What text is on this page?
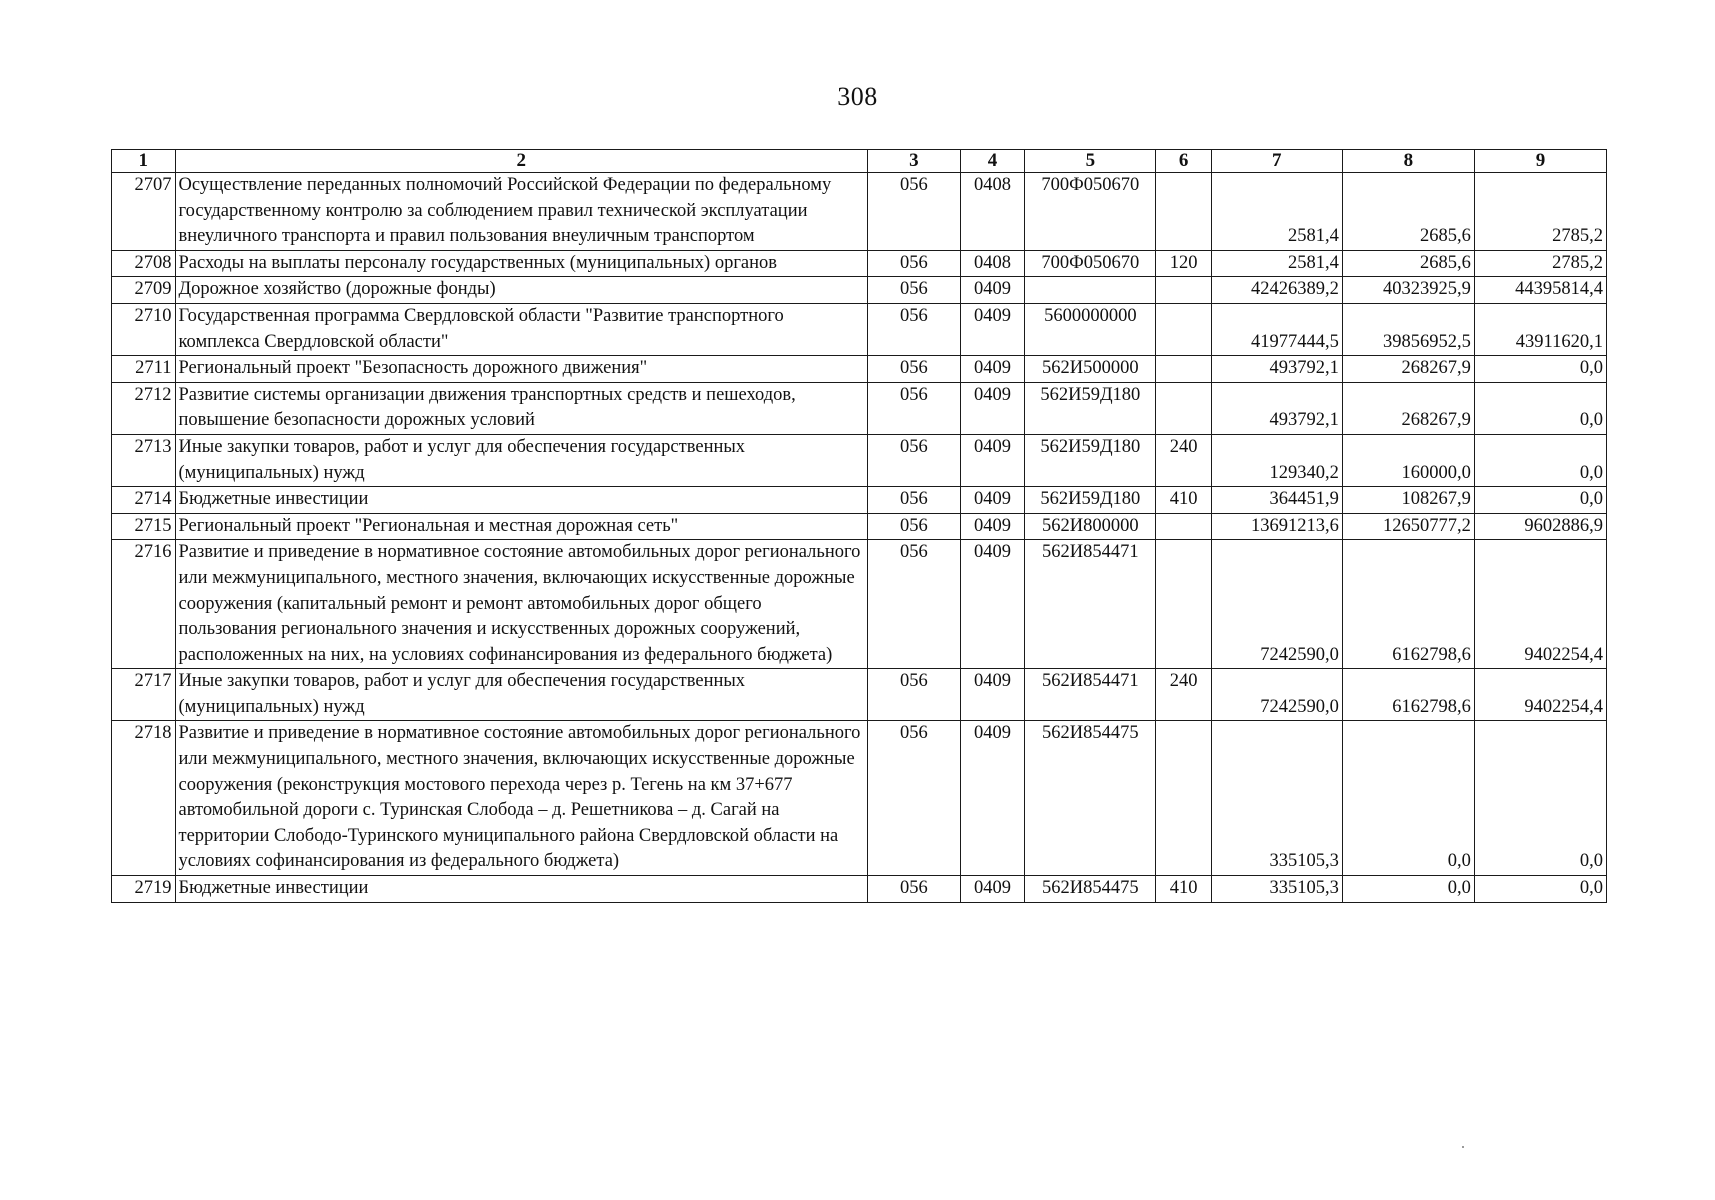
308
1	2	3	4	5	6	7	8	9
2707	Осуществление переданных полномочий Российской Федерации по федеральному государственному контролю за соблюдением правил технической эксплуатации внеуличного транспорта и правил пользования внеуличным транспортом	056	0408	700Ф050670		2581,4	2685,6	2785,2
2708	Расходы на выплаты персоналу государственных (муниципальных) органов	056	0408	700Ф050670	120	2581,4	2685,6	2785,2
2709	Дорожное хозяйство (дорожные фонды)	056	0409			42426389,2	40323925,9	44395814,4
2710	Государственная программа Свердловской области "Развитие транспортного комплекса Свердловской области"	056	0409	5600000000		41977444,5	39856952,5	43911620,1
2711	Региональный проект "Безопасность дорожного движения"	056	0409	562И500000		493792,1	268267,9	0,0
2712	Развитие системы организации движения транспортных средств и пешеходов, повышение безопасности дорожных условий	056	0409	562И59Д180		493792,1	268267,9	0,0
2713	Иные закупки товаров, работ и услуг для обеспечения государственных (муниципальных) нужд	056	0409	562И59Д180	240	129340,2	160000,0	0,0
2714	Бюджетные инвестиции	056	0409	562И59Д180	410	364451,9	108267,9	0,0
2715	Региональный проект "Региональная и местная дорожная сеть"	056	0409	562И800000		13691213,6	12650777,2	9602886,9
2716	Развитие и приведение в нормативное состояние автомобильных дорог регионального или межмуниципального, местного значения, включающих искусственные дорожные сооружения (капитальный ремонт и ремонт автомобильных дорог общего пользования регионального значения и искусственных дорожных сооружений, расположенных на них, на условиях софинансирования из федерального бюджета)	056	0409	562И854471		7242590,0	6162798,6	9402254,4
2717	Иные закупки товаров, работ и услуг для обеспечения государственных (муниципальных) нужд	056	0409	562И854471	240	7242590,0	6162798,6	9402254,4
2718	Развитие и приведение в нормативное состояние автомобильных дорог регионального или межмуниципального, местного значения, включающих искусственные дорожные сооружения (реконструкция мостового перехода через р. Тегень на км 37+677 автомобильной дороги с. Туринская Слобода – д. Решетникова – д. Сагай на территории Слободо-Туринского муниципального района Свердловской области на условиях софинансирования из федерального бюджета)	056	0409	562И854475		335105,3	0,0	0,0
2719	Бюджетные инвестиции	056	0409	562И854475	410	335105,3	0,0	0,0
